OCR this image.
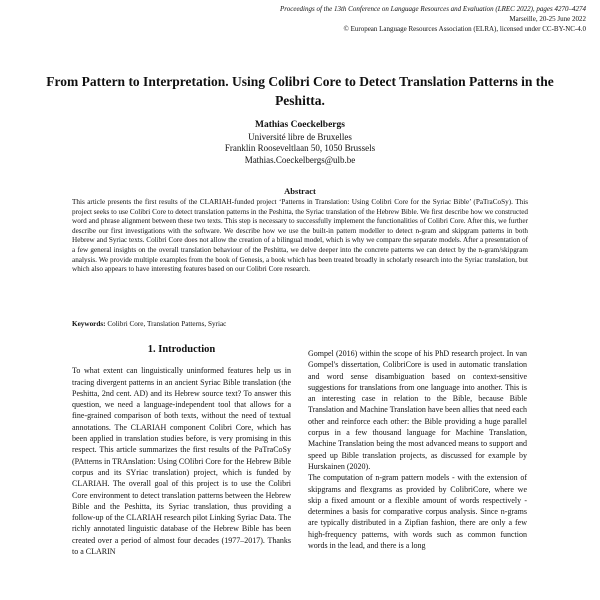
Proceedings of the 13th Conference on Language Resources and Evaluation (LREC 2022), pages 4270–4274
Marseille, 20-25 June 2022
© European Language Resources Association (ELRA), licensed under CC-BY-NC-4.0
From Pattern to Interpretation. Using Colibri Core to Detect Translation Patterns in the Peshitta.
Mathias Coeckelbergs
Université libre de Bruxelles
Franklin Rooseveltlaan 50, 1050 Brussels
Mathias.Coeckelbergs@ulb.be
Abstract
This article presents the first results of the CLARIAH-funded project ‘Patterns in Translation: Using Colibri Core for the Syriac Bible’ (PaTraCoSy). This project seeks to use Colibri Core to detect translation patterns in the Peshitta, the Syriac translation of the Hebrew Bible. We first describe how we constructed word and phrase alignment between these two texts. This step is necessary to successfully implement the functionalities of Colibri Core. After this, we further describe our first investigations with the software. We describe how we use the built-in pattern modeller to detect n-gram and skipgram patterns in both Hebrew and Syriac texts. Colibri Core does not allow the creation of a bilingual model, which is why we compare the separate models. After a presentation of a few general insights on the overall translation behaviour of the Peshitta, we delve deeper into the concrete patterns we can detect by the n-gram/skipgram analysis. We provide multiple examples from the book of Genesis, a book which has been treated broadly in scholarly research into the Syriac translation, but which also appears to have interesting features based on our Colibri Core research.
Keywords: Colibri Core, Translation Patterns, Syriac
1. Introduction

To what extent can linguistically uninformed features help us in tracing divergent patterns in an ancient Syriac Bible translation (the Peshitta, 2nd cent. AD) and its Hebrew source text? To answer this question, we need a language-independent tool that allows for a fine-grained comparison of both texts, without the need of textual annotations. The CLARIAH component Colibri Core, which has been applied in translation studies before, is very promising in this respect. This article summarizes the first results of the PaTraCoSy (PAtterns in TRAnslation: Using COlibri Core for the Hebrew Bible corpus and its SYriac translation) project, which is funded by CLARIAH. The overall goal of this project is to use the Colibri Core environment to detect translation patterns between the Hebrew Bible and the Peshitta, its Syriac translation, thus providing a follow-up of the CLARIAH research pilot Linking Syriac Data. The richly annotated linguistic database of the Hebrew Bible has been created over a period of almost four decades (1977–2017). Thanks to a CLARIN

Gompel (2016) within the scope of his PhD research project. In van Gompel's dissertation, ColibriCore is used in automatic translation and word sense disambiguation based on context-sensitive suggestions for translations from one language into another. This is an interesting case in relation to the Bible, because Bible Translation and Machine Translation have been allies that need each other and reinforce each other: the Bible providing a huge parallel corpus in a few thousand language for Machine Translation, Machine Translation being the most advanced means to support and speed up Bible translation projects, as discussed for example by Hurskainen (2020).

The computation of n-gram pattern models - with the extension of skipgrams and flexgrams as provided by ColibriCore, where we skip a fixed amount or a flexible amount of words respectively - determines a basis for comparative corpus analysis. Since n-grams are typically distributed in a Zipfian fashion, there are only a few high-frequency patterns, with words such as common function words in the lead, and there is a long
